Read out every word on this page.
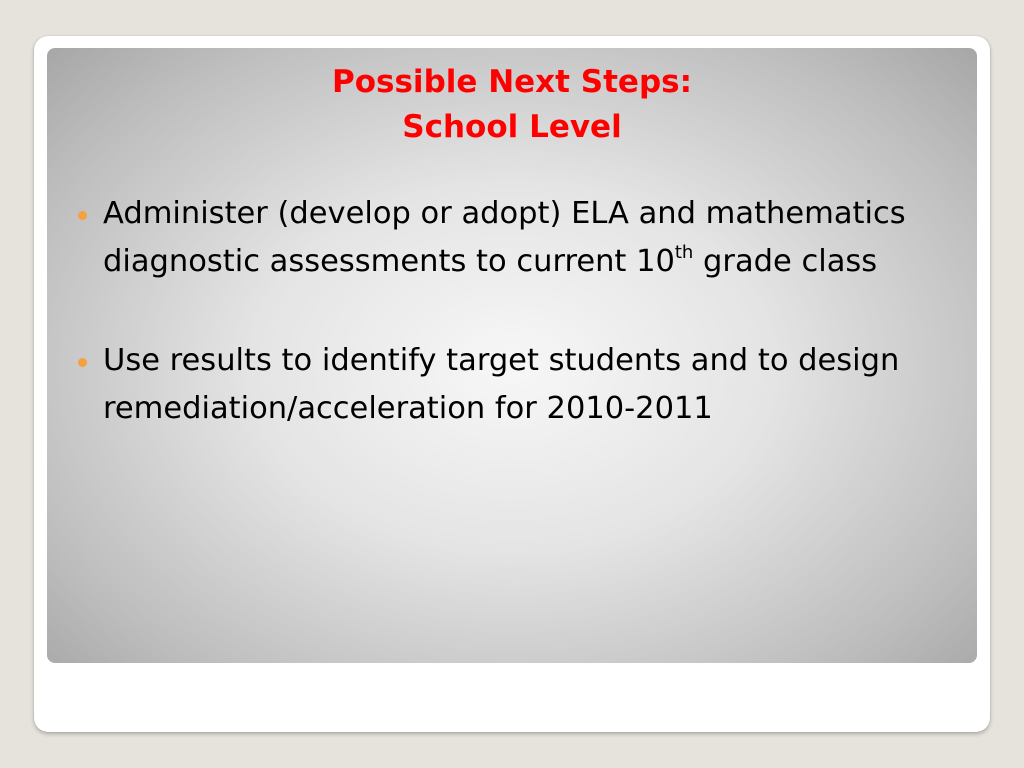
Possible Next Steps:
School Level
Administer (develop or adopt) ELA and mathematics diagnostic assessments to current 10th grade class
Use results to identify target students and to design remediation/acceleration for 2010-2011
